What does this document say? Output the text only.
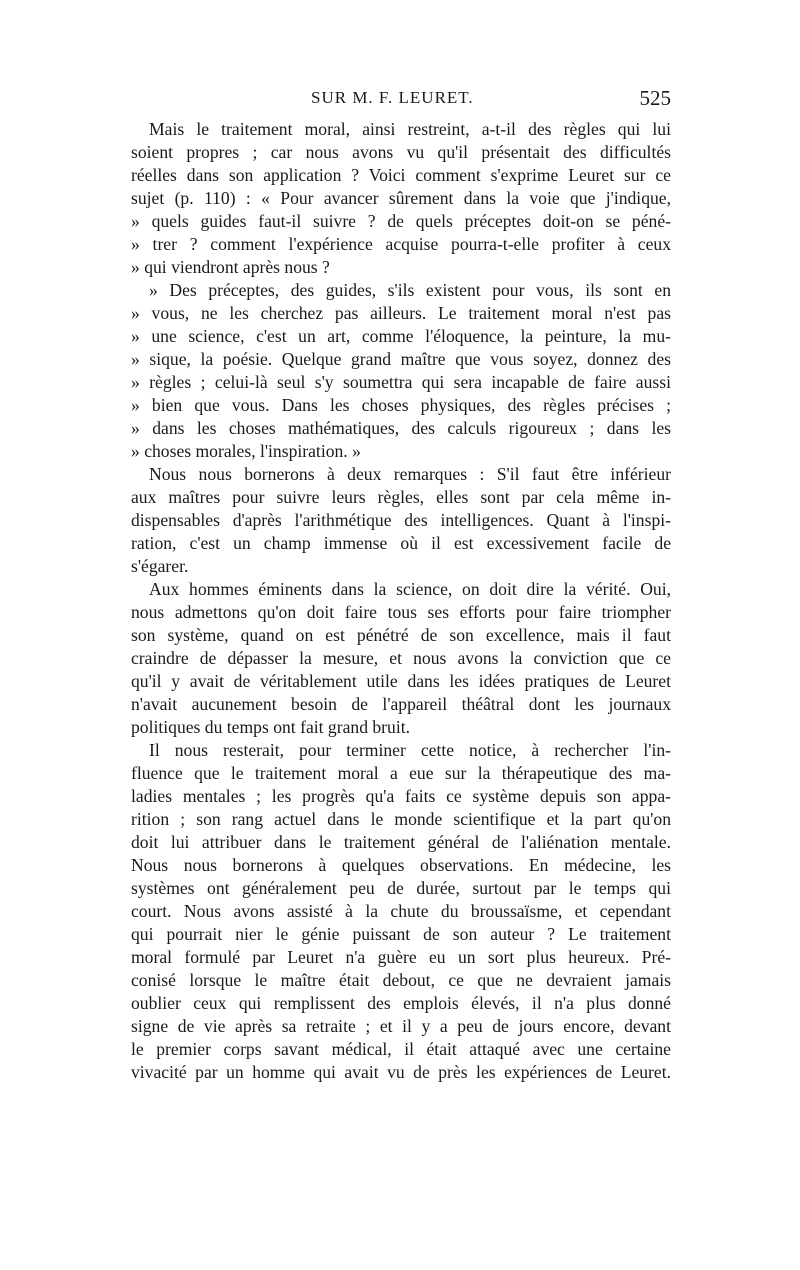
SUR M. F. LEURET.	525
Mais le traitement moral, ainsi restreint, a-t-il des règles qui lui
soient propres ; car nous avons vu qu'il présentait des difficultés
réelles dans son application ? Voici comment s'exprime Leuret sur ce
sujet (p. 110) : « Pour avancer sûrement dans la voie que j'indique,
» quels guides faut-il suivre ? de quels préceptes doit-on se péné-
» trer ? comment l'expérience acquise pourra-t-elle profiter à ceux
» qui viendront après nous ?
» Des préceptes, des guides, s'ils existent pour vous, ils sont en
» vous, ne les cherchez pas ailleurs. Le traitement moral n'est pas
» une science, c'est un art, comme l'éloquence, la peinture, la mu-
» sique, la poésie. Quelque grand maître que vous soyez, donnez des
» règles ; celui-là seul s'y soumettra qui sera incapable de faire aussi
» bien que vous. Dans les choses physiques, des règles précises ;
» dans les choses mathématiques, des calculs rigoureux ; dans les
» choses morales, l'inspiration. »
Nous nous bornerons à deux remarques : S'il faut être inférieur
aux maîtres pour suivre leurs règles, elles sont par cela même in-
dispensables d'après l'arithmétique des intelligences. Quant à l'inspi-
ration, c'est un champ immense où il est excessivement facile de
s'égarer.
Aux hommes éminents dans la science, on doit dire la vérité. Oui,
nous admettons qu'on doit faire tous ses efforts pour faire triompher
son système, quand on est pénétré de son excellence, mais il faut
craindre de dépasser la mesure, et nous avons la conviction que ce
qu'il y avait de véritablement utile dans les idées pratiques de Leuret
n'avait aucunement besoin de l'appareil théâtral dont les journaux
politiques du temps ont fait grand bruit.
Il nous resterait, pour terminer cette notice, à rechercher l'in-
fluence que le traitement moral a eue sur la thérapeutique des ma-
ladies mentales ; les progrès qu'a faits ce système depuis son appa-
rition ; son rang actuel dans le monde scientifique et la part qu'on
doit lui attribuer dans le traitement général de l'aliénation mentale.
Nous nous bornerons à quelques observations. En médecine, les
systèmes ont généralement peu de durée, surtout par le temps qui
court. Nous avons assisté à la chute du broussaïsme, et cependant
qui pourrait nier le génie puissant de son auteur ? Le traitement
moral formulé par Leuret n'a guère eu un sort plus heureux. Pré-
conisé lorsque le maître était debout, ce que ne devraient jamais
oublier ceux qui remplissent des emplois élevés, il n'a plus donné
signe de vie après sa retraite ; et il y a peu de jours encore, devant
le premier corps savant médical, il était attaqué avec une certaine
vivacité par un homme qui avait vu de près les expériences de Leuret.
